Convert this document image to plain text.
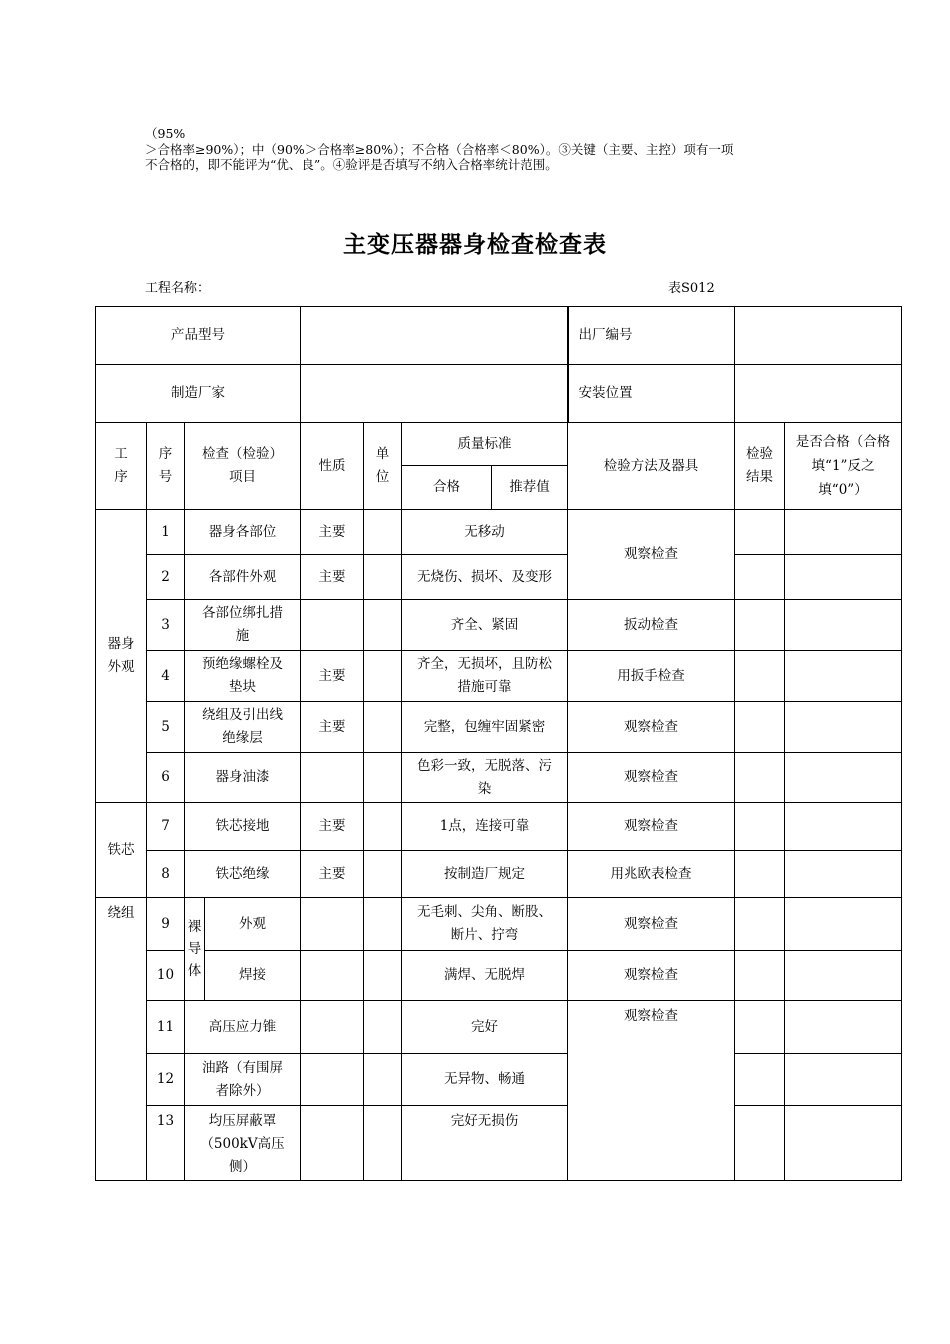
（95%
＞合格率≥90%）；中（90%＞合格率≥80%）；不合格（合格率＜80%）。③关键（主要、主控）项有一项
不合格的，即不能评为“优、良”。④验评是否填写不纳入合格率统计范围。
主变压器器身检查检查表
工程名称：	表S012
产品型号								出厂编号		
制造厂家								安装位置		
工序	序号	检查（检验）项目		性质	单位	质量标准		检验方法及器具	检验结果	是否合格（合格填“1”反之填“0”）
						合格	推荐值			
器身外观	1	器身各部位		主要		无移动		观察检查		
	2	各部件外观		主要		无烧伤、损坏、及变形				
	3	各部位绑扎措施				齐全、紧固		扳动检查		
	4	预绝缘螺栓及垫块		主要		齐全，无损坏，且防松措施可靠		用扳手检查		
	5	绕组及引出线绝缘层		主要		完整，包缠牢固紧密		观察检查		
	6	器身油漆				色彩一致，无脱落、污染		观察检查		
铁芯	7	铁芯接地		主要		1点，连接可靠		观察检查		
	8	铁芯绝缘		主要		按制造厂规定		用兆欧表检查		
绕组	9	裸导体	外观			无毛刺、尖角、断股、断片、拧弯		观察检查		
	10		焊接			满焊、无脱焊		观察检查		
	11	高压应力锥				完好		观察检查		
	12	油路（有围屏者除外）				无异物、畅通				
	13	均压屏蔽罩（500kV高压侧）				完好无损伤				
